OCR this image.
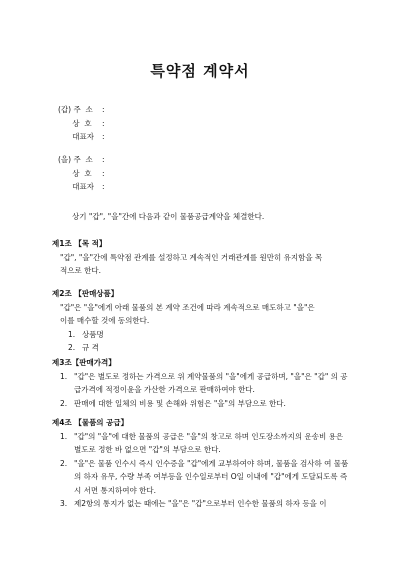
특약점 계약서
(갑) 주  소	:
상  호	:
대표자	:
(을) 주  소	:
상  호	:
대표자	:
상기 "갑", "을"간에 다음과 같이 물품공급계약을 체결한다.
제1조 【목 적】
"갑", "을"간에 특약점 관계를 설정하고 계속적인 거래관계를 원만히 유지함을 목
적으로 한다.
제2조 【판매상품】
"갑"은 "을"에게 아래 물품의 본 계약 조건에 따라 계속적으로 매도하고 "을"은
이를 매수할 것에 동의한다.
1. 상품명
2. 규 격
제3조【판매가격】
1. "갑"은 별도로 정하는 가격으로 위 계약물품의 "을"에게 공급하며, "을"은 "갑" 의 공급가격에 적정이윤을 가산한 가격으로 판매하여야 한다.
2. 판매에 대한 일체의 비용 및 손해와 위험은 "을"의 부담으로 한다.
제4조 【물품의 공급】
1. "갑"의 "을"에 대한 물품의 공급은 "을"의 창고로 하며 인도장소까지의 운송비 용은 별도로 정한 바 없으면 "갑"의 부담으로 한다.
2. "을"은 물품 인수시 즉시 인수증을 "갑"에게 교부하여야 하며, 물품을 검사하 여 물품의 하자 유무, 수량 부족 여부등을 인수일로부터 O일 이내에 "갑"에게 도달되도록 즉시 서면 통지하여야 한다.
3. 제2항의 통지가 없는 때에는 "을"은 "갑"으로부터 인수한 물품의 하자 등을 이
